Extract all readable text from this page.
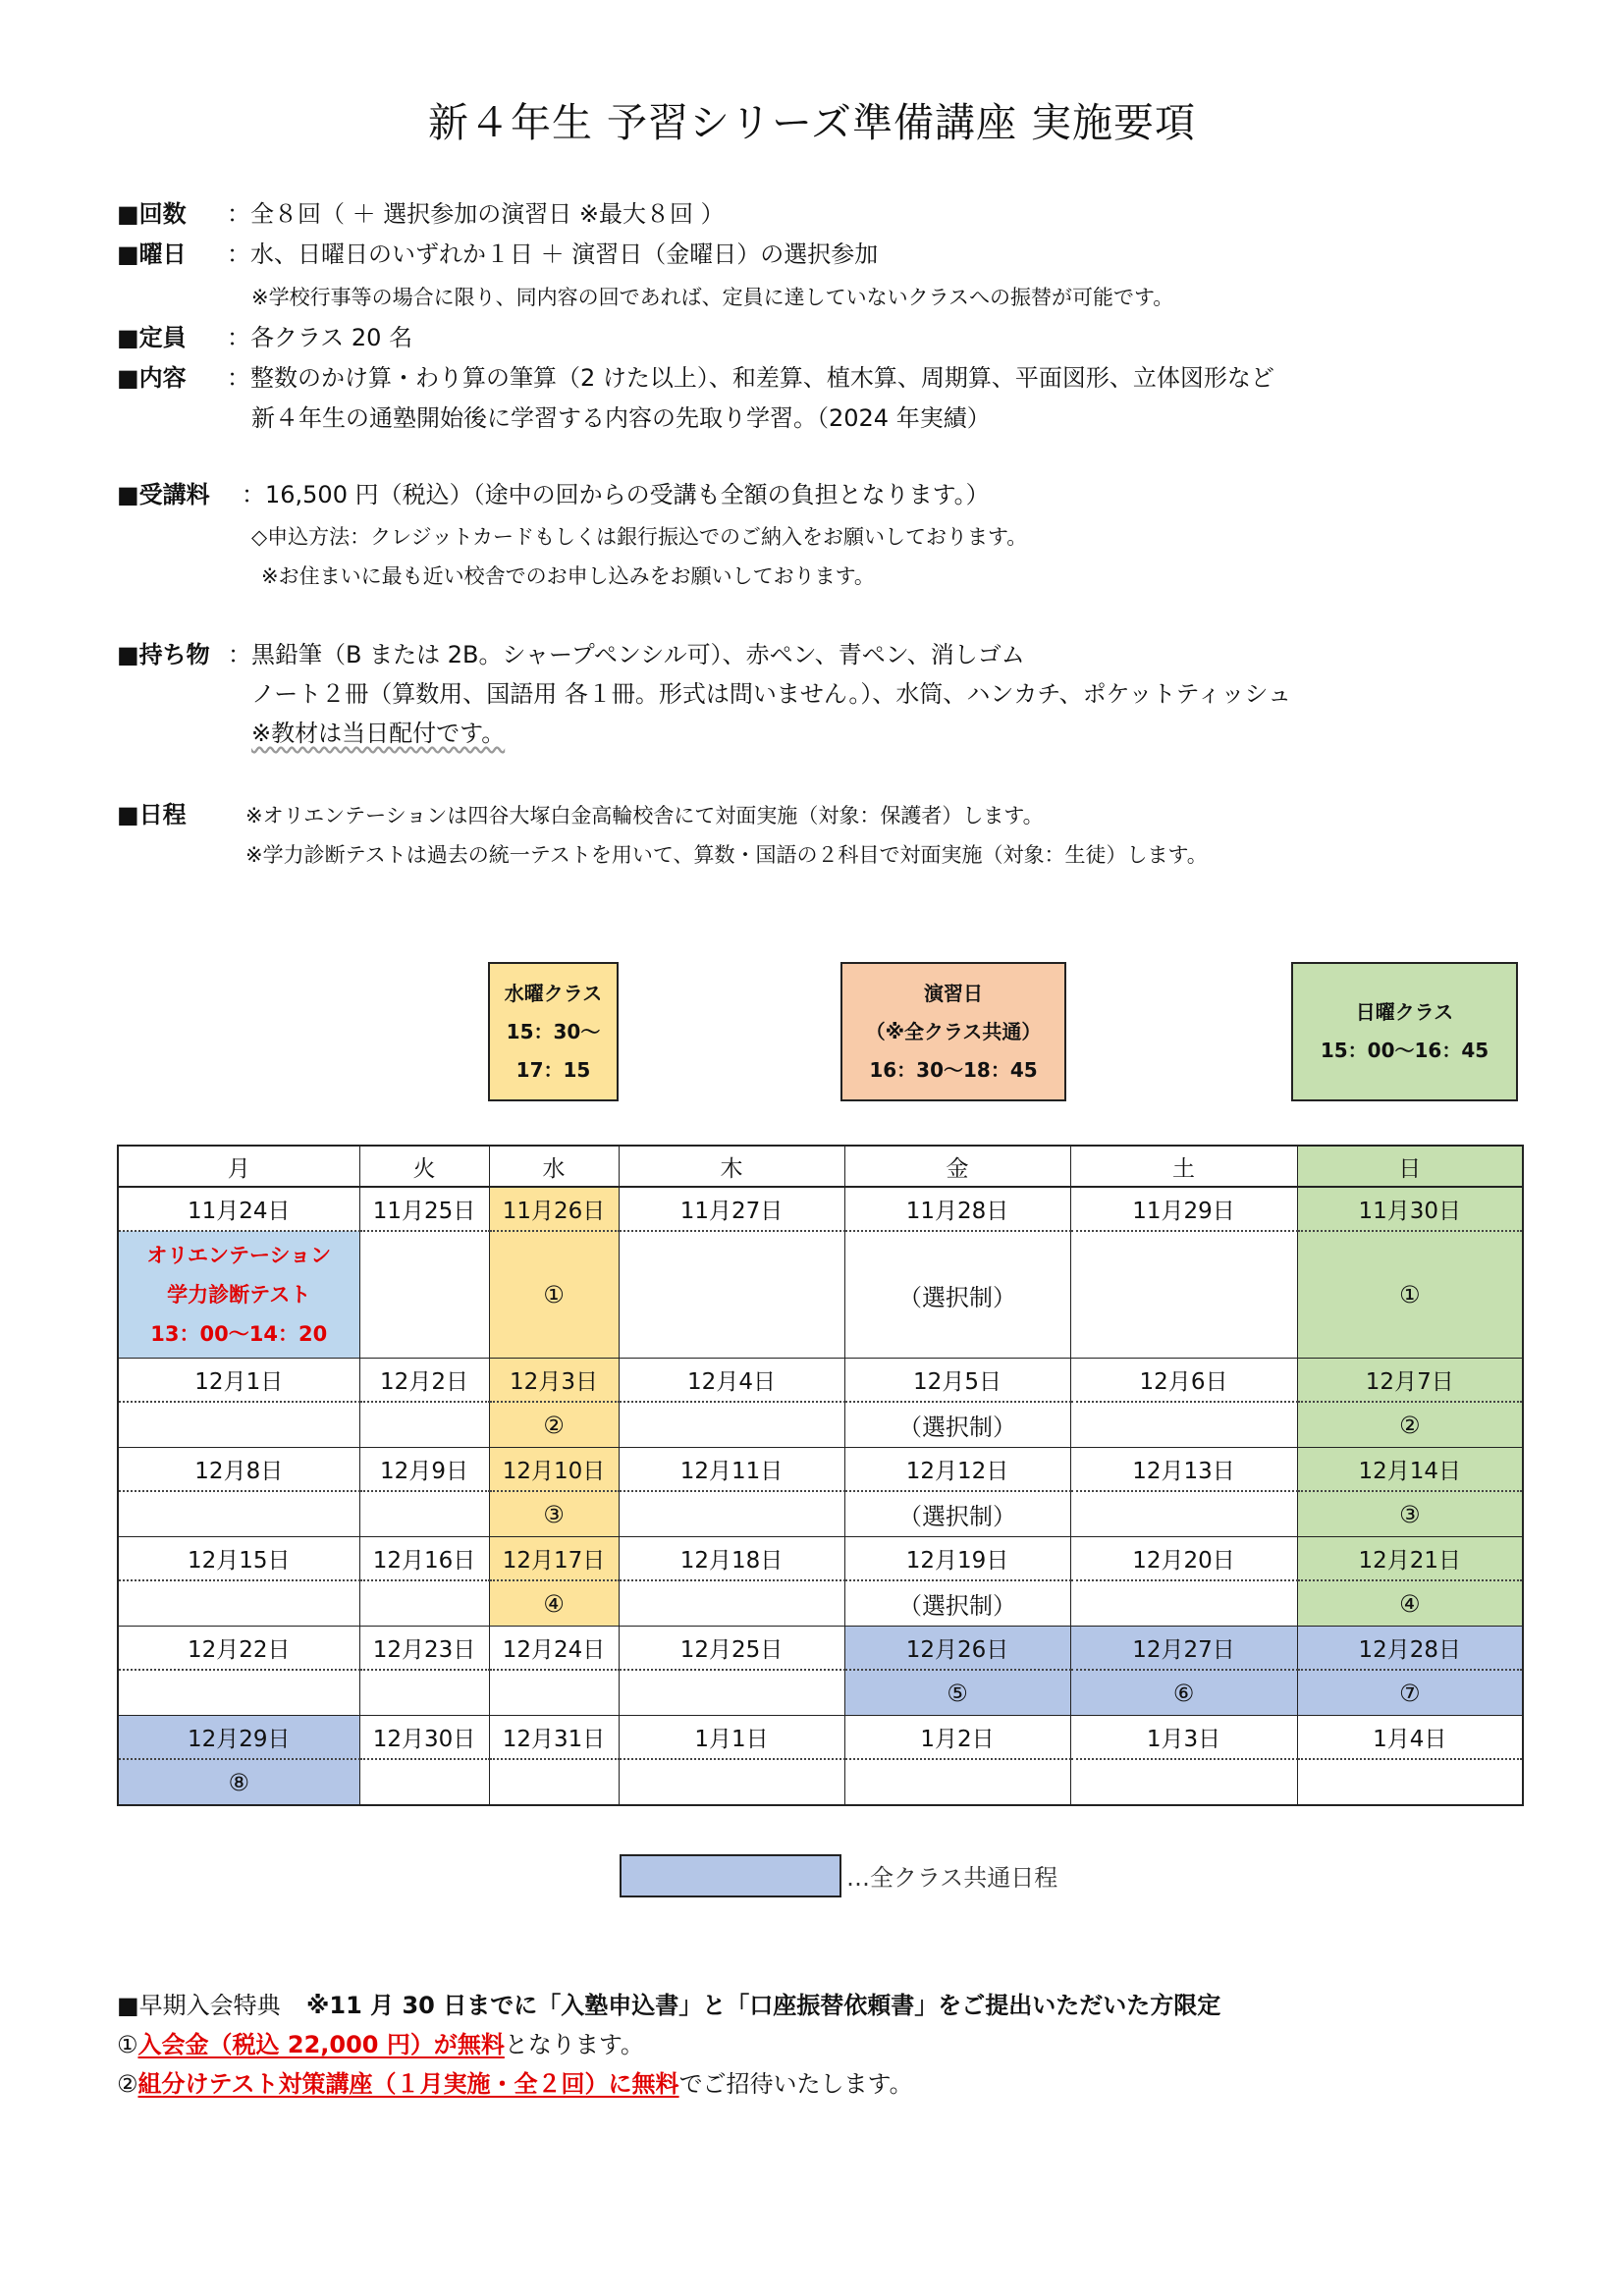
新４年生 予習シリーズ準備講座 実施要項
■回数 ：全８回（ ＋ 選択参加の演習日 ※最大８回 ）
■曜日 ：水、日曜日のいずれか１日 ＋ 演習日（金曜日）の選択参加
※学校行事等の場合に限り、同内容の回であれば、定員に達していないクラスへの振替が可能です。
■定員 ：各クラス 20 名
■内容 ：整数のかけ算・わり算の筆算（2 けた以上）、和差算、植木算、周期算、平面図形、立体図形など
新４年生の通塾開始後に学習する内容の先取り学習。（2024 年実績）
■受講料 ：16,500 円（税込）（途中の回からの受講も全額の負担となります。）
◇申込方法：クレジットカードもしくは銀行振込でのご納入をお願いしております。
※お住まいに最も近い校舎でのお申し込みをお願いしております。
■持ち物 ：黒鉛筆（B または 2B。シャープペンシル可）、赤ペン、青ペン、消しゴム
ノート２冊（算数用、国語用 各１冊。形式は問いません。）、水筒、ハンカチ、ポケットティッシュ
※教材は当日配付です。
■日程	※オリエンテーションは四谷大塚白金高輪校舎にて対面実施（対象：保護者）します。
※学力診断テストは過去の統一テストを用いて、算数・国語の２科目で対面実施（対象：生徒）します。
水曜クラス
15：30～
17：15
演習日
（※全クラス共通）
16：30～18：45
日曜クラス
15：00～16：45
月	火	水	木	金	土	日
11月24日	11月25日	11月26日	11月27日	11月28日	11月29日	11月30日

オリエンテーション
学力診断テスト
13：00～14：20		①		（選択制）		①
12月1日	12月2日	12月3日	12月4日	12月5日	12月6日	12月7日
		②		（選択制）		②
12月8日	12月9日	12月10日	12月11日	12月12日	12月13日	12月14日
		③		（選択制）		③
12月15日	12月16日	12月17日	12月18日	12月19日	12月20日	12月21日
		④		（選択制）		④
12月22日	12月23日	12月24日	12月25日	12月26日	12月27日	12月28日
				⑤	⑥	⑦
12月29日	12月30日	12月31日	1月1日	1月2日	1月3日	1月4日
⑧						
…全クラス共通日程
■早期入会特典 ※11 月 30 日までに「入塾申込書」と「口座振替依頼書」をご提出いただいた方限定
①入会金（税込 22,000 円）が無料となります。
②組分けテスト対策講座（１月実施・全２回）に無料でご招待いたします。
